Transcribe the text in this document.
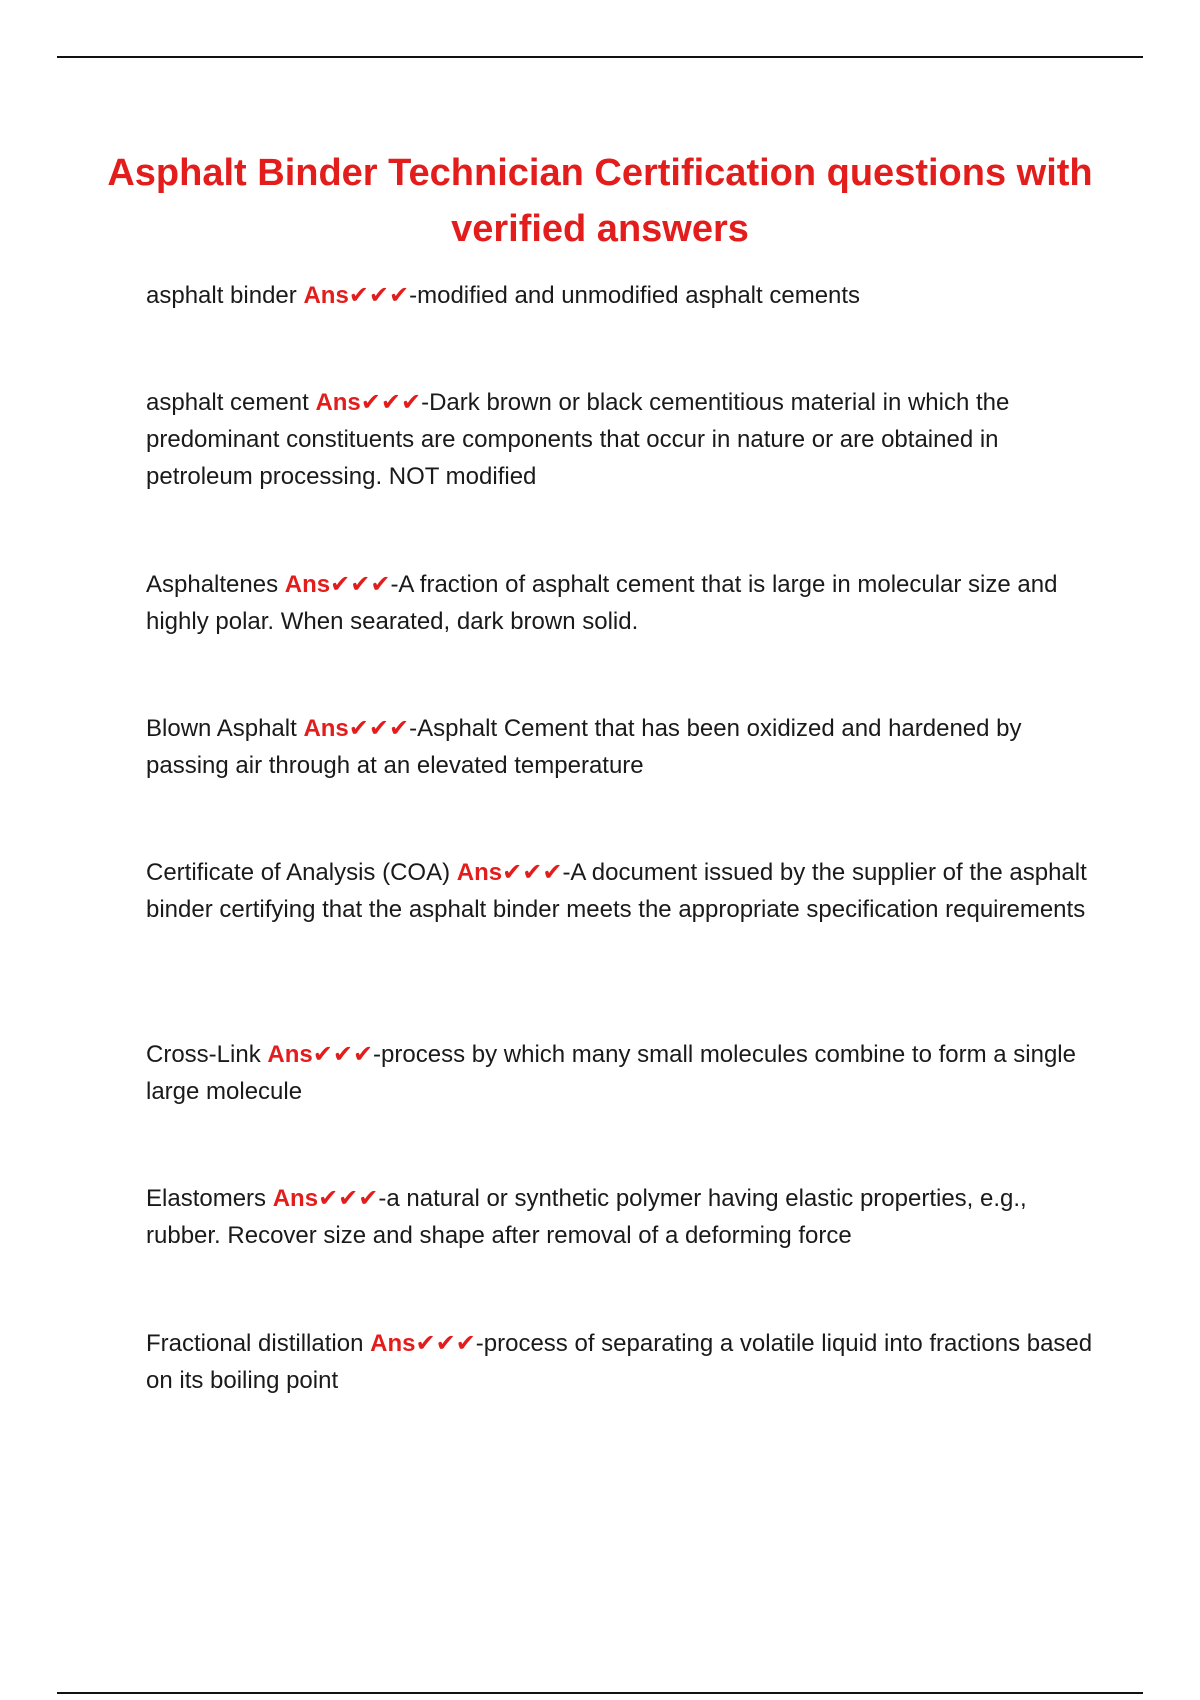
Asphalt Binder Technician Certification questions with verified answers

asphalt binder Ans✔✔✔-modified and unmodified asphalt cements

asphalt cement Ans✔✔✔-Dark brown or black cementitious material in which the predominant constituents are components that occur in nature or are obtained in petroleum processing. NOT modified

Asphaltenes Ans✔✔✔-A fraction of asphalt cement that is large in molecular size and highly polar. When searated, dark brown solid.

Blown Asphalt Ans✔✔✔-Asphalt Cement that has been oxidized and hardened by passing air through at an elevated temperature

Certificate of Analysis (COA) Ans✔✔✔-A document issued by the supplier of the asphalt binder certifying that the asphalt binder meets the appropriate specification requirements

Cross-Link Ans✔✔✔-process by which many small molecules combine to form a single large molecule

Elastomers Ans✔✔✔-a natural or synthetic polymer having elastic properties, e.g., rubber. Recover size and shape after removal of a deforming force

Fractional distillation Ans✔✔✔-process of separating a volatile liquid into fractions based on its boiling point
